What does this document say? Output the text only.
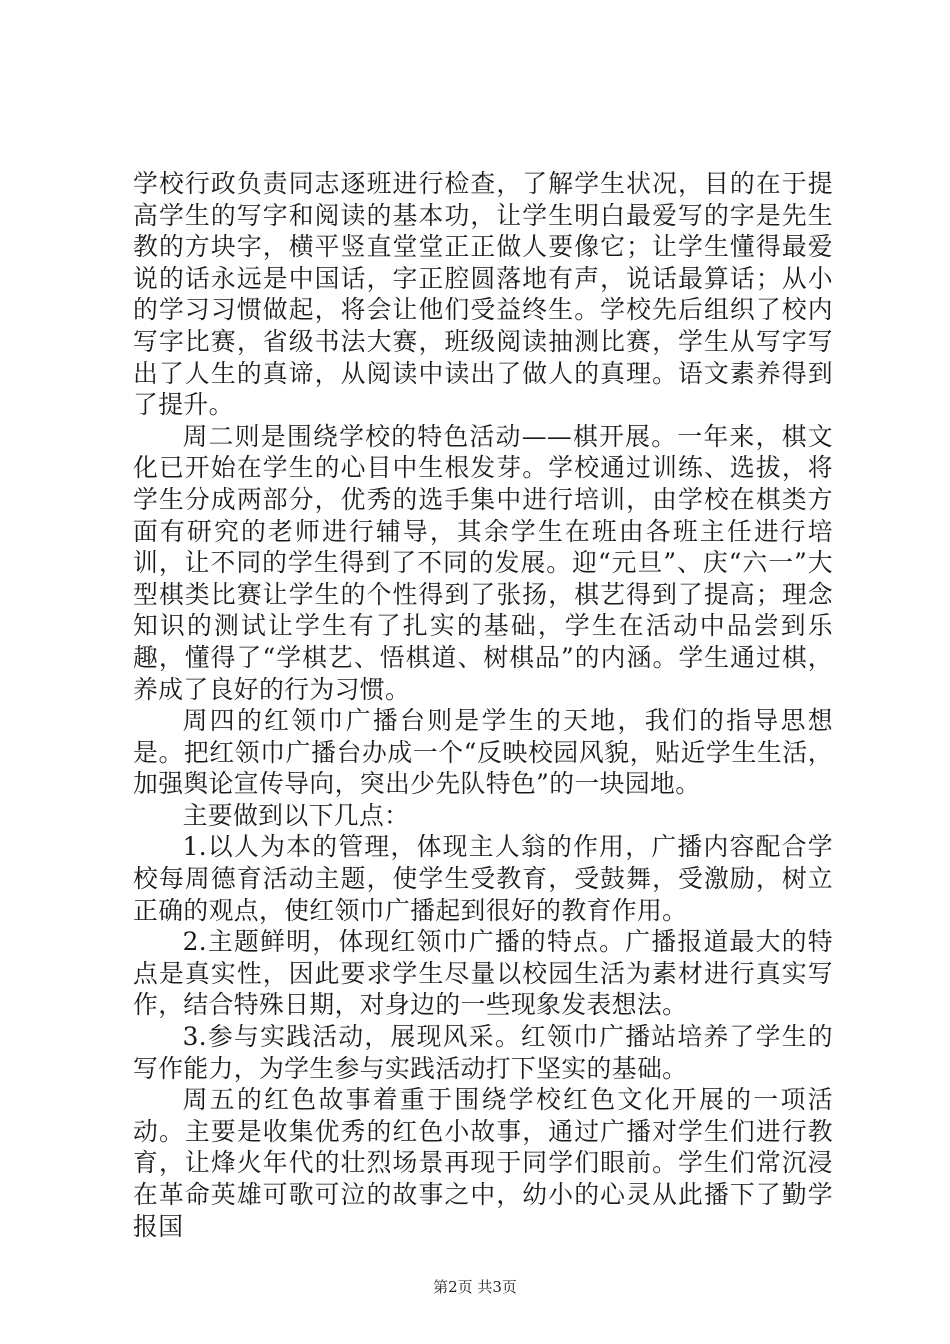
学校行政负责同志逐班进行检查，了解学生状况，目的在于提高学生的写字和阅读的基本功，让学生明白最爱写的字是先生教的方块字，横平竖直堂堂正正做人要像它；让学生懂得最爱说的话永远是中国话，字正腔圆落地有声，说话最算话；从小的学习习惯做起，将会让他们受益终生。学校先后组织了校内写字比赛，省级书法大赛，班级阅读抽测比赛，学生从写字写出了人生的真谛，从阅读中读出了做人的真理。语文素养得到了提升。

周二则是围绕学校的特色活动——棋开展。一年来，棋文化已开始在学生的心目中生根发芽。学校通过训练、选拔，将学生分成两部分，优秀的选手集中进行培训，由学校在棋类方面有研究的老师进行辅导，其余学生在班由各班主任进行培训，让不同的学生得到了不同的发展。迎“元旦”、庆“六一”大型棋类比赛让学生的个性得到了张扬，棋艺得到了提高；理念知识的测试让学生有了扎实的基础，学生在活动中品尝到乐趣，懂得了“学棋艺、悟棋道、树棋品”的内涵。学生通过棋，养成了良好的行为习惯。

周四的红领巾广播台则是学生的天地，我们的指导思想是。把红领巾广播台办成一个“反映校园风貌，贴近学生生活，加强舆论宣传导向，突出少先队特色”的一块园地。

主要做到以下几点：

1.以人为本的管理，体现主人翁的作用，广播内容配合学校每周德育活动主题，使学生受教育，受鼓舞，受激励，树立正确的观点，使红领巾广播起到很好的教育作用。

2.主题鲜明，体现红领巾广播的特点。广播报道最大的特点是真实性，因此要求学生尽量以校园生活为素材进行真实写作，结合特殊日期，对身边的一些现象发表想法。

3.参与实践活动，展现风采。红领巾广播站培养了学生的写作能力，为学生参与实践活动打下坚实的基础。

周五的红色故事着重于围绕学校红色文化开展的一项活动。主要是收集优秀的红色小故事，通过广播对学生们进行教育，让烽火年代的壮烈场景再现于同学们眼前。学生们常沉浸在革命英雄可歌可泣的故事之中，幼小的心灵从此播下了勤学报国

第2页 共3页
